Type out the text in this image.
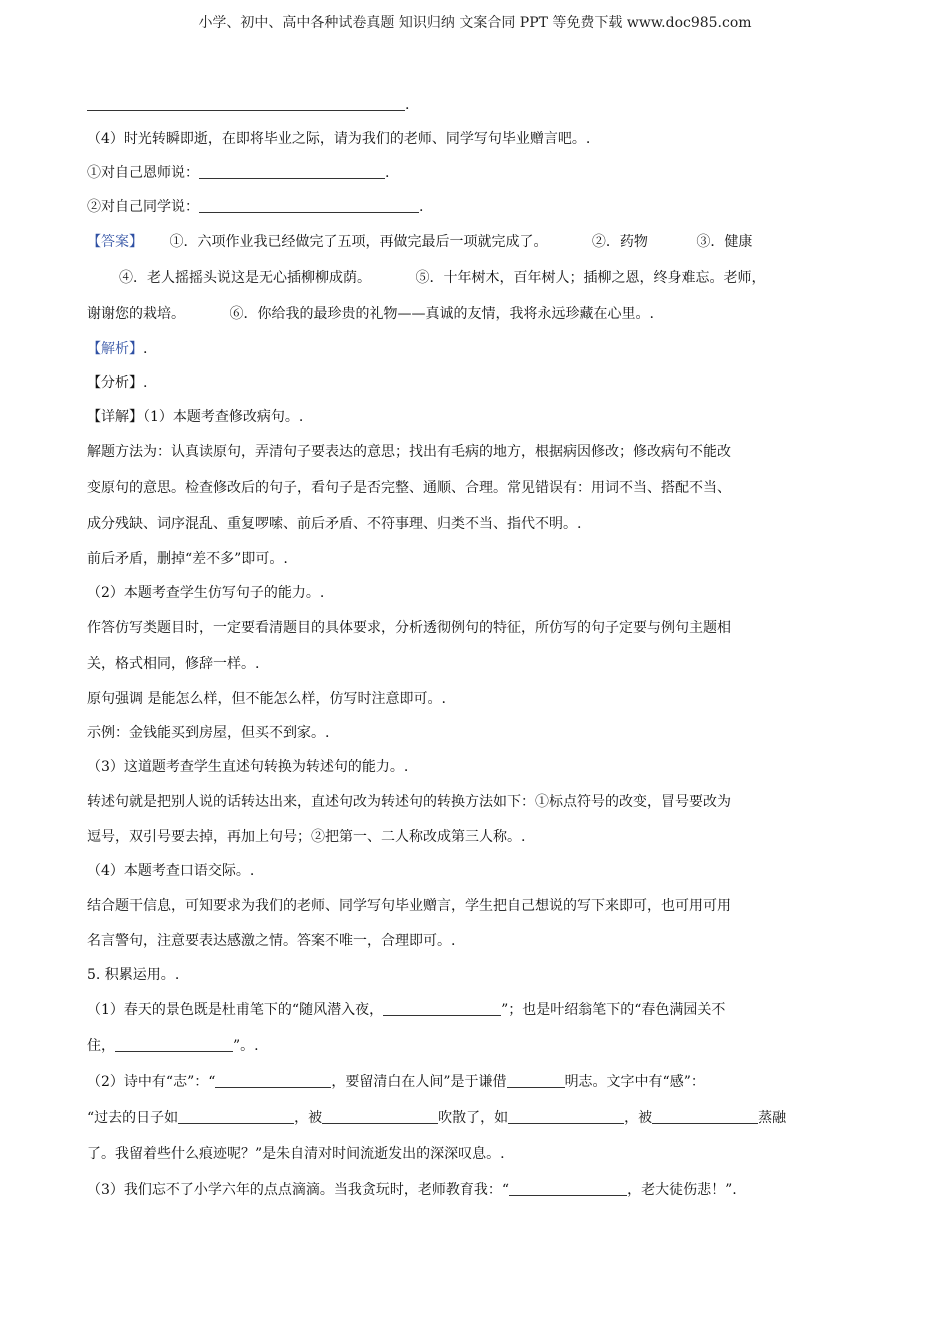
小学、初中、高中各种试卷真题 知识归纳 文案合同 PPT 等免费下载 www.doc985.com
.
（4）时光转瞬即逝，在即将毕业之际，请为我们的老师、同学写句毕业赠言吧。.
①对自己恩师说：	.
②对自己同学说：	.
【答案】 ①．六项作业我已经做完了五项，再做完最后一项就完成了。	②．药物	③．健康
④．老人摇摇头说这是无心插柳柳成荫。	⑤．十年树木，百年树人；插柳之恩，终身难忘。老师，
谢谢您的栽培。	⑥．你给我的最珍贵的礼物——真诚的友情，我将永远珍藏在心里。.
【解析】.
【分析】.
【详解】（1）本题考查修改病句。.
解题方法为：认真读原句，弄清句子要表达的意思；找出有毛病的地方，根据病因修改；修改病句不能改
变原句的意思。检查修改后的句子，看句子是否完整、通顺、合理。常见错误有：用词不当、搭配不当、
成分残缺、词序混乱、重复啰嗦、前后矛盾、不符事理、归类不当、指代不明。.
前后矛盾，删掉“差不多”即可。.
（2）本题考查学生仿写句子的能力。.
作答仿写类题目时，一定要看清题目的具体要求，分析透彻例句的特征，所仿写的句子定要与例句主题相
关，格式相同，修辞一样。.
原句强调 是能怎么样，但不能怎么样，仿写时注意即可。.
示例：金钱能买到房屋，但买不到家。.
（3）这道题考查学生直述句转换为转述句的能力。.
转述句就是把别人说的话转达出来，直述句改为转述句的转换方法如下：①标点符号的改变，冒号要改为
逗号，双引号要去掉，再加上句号；②把第一、二人称改成第三人称。.
（4）本题考查口语交际。.
结合题干信息，可知要求为我们的老师、同学写句毕业赠言，学生把自己想说的写下来即可，也可用可用
名言警句，注意要表达感激之情。答案不唯一，合理即可。.
5. 积累运用。.
（1）春天的景色既是杜甫笔下的“随风潜入夜，	”；也是叶绍翁笔下的“春色满园关不
住，	”。.
（2）诗中有“志”：“	，要留清白在人间”是于谦借	明志。文字中有“感”：
“过去的日子如	，被	吹散了，如	，被	蒸融
了。我留着些什么痕迹呢？”是朱自清对时间流逝发出的深深叹息。.
（3）我们忘不了小学六年的点点滴滴。当我贪玩时，老师教育我：“	，老大徒伤悲！”.
